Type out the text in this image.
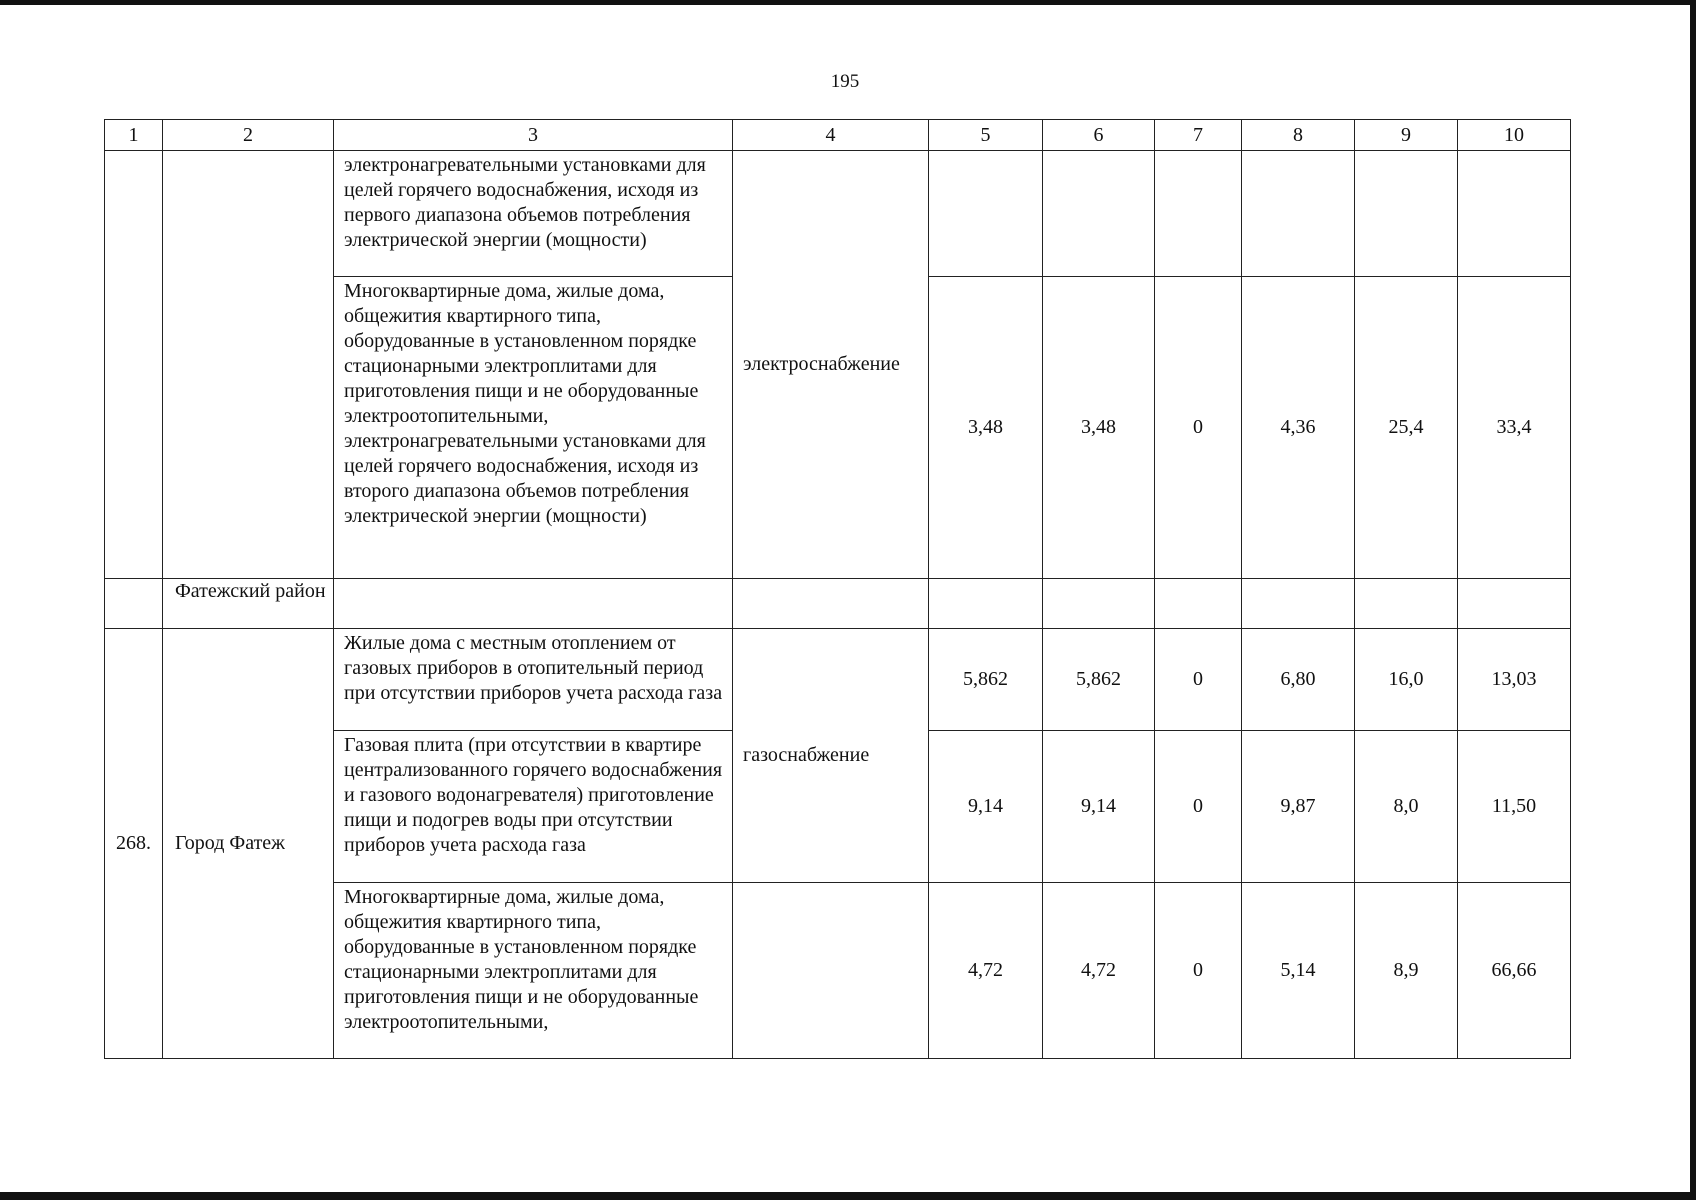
195
1	2	3	4	5	6	7	8	9	10
		электронагревательными установками для целей горячего водоснабжения, исходя из первого диапазона объемов потребления электрической энергии (мощности)	электроснабжение						
		Многоквартирные дома, жилые дома, общежития квартирного типа, оборудованные в установленном порядке стационарными электроплитами для приготовления пищи и не оборудованные электроотопительными, электронагревательными установками для целей горячего водоснабжения, исходя из второго диапазона объемов потребления электрической энергии (мощности)		3,48	3,48	0	4,36	25,4	33,4
	Фатежский район								
268.	Город Фатеж	Жилые дома с местным отоплением от газовых приборов в отопительный период при отсутствии приборов учета расхода газа	газоснабжение	5,862	5,862	0	6,80	16,0	13,03
		Газовая плита (при отсутствии в квартире централизованного горячего водоснабжения и газового водонагревателя) приготовление пищи и подогрев воды при отсутствии приборов учета расхода газа		9,14	9,14	0	9,87	8,0	11,50
		Многоквартирные дома, жилые дома, общежития квартирного типа, оборудованные в установленном порядке стационарными электроплитами для приготовления пищи и не оборудованные электроотопительными,		4,72	4,72	0	5,14	8,9	66,66
